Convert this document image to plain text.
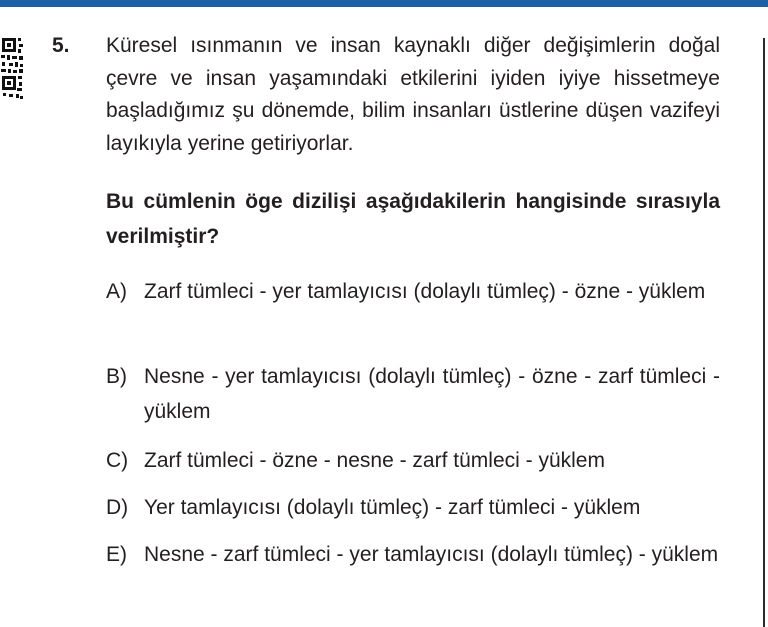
5. Küresel ısınmanın ve insan kaynaklı diğer değişimlerin doğal çevre ve insan yaşamındaki etkilerini iyiden iyiye hissetmeye başladığımız şu dönemde, bilim insanları üstlerine düşen vazifeyi layıkıyla yerine getiriyorlar.
Bu cümlenin öge dizilişi aşağıdakilerin hangisinde sırasıyla verilmiştir?
A) Zarf tümleci - yer tamlayıcısı (dolaylı tümleç) - özne - yüklem
B) Nesne - yer tamlayıcısı (dolaylı tümleç) - özne - zarf tümleci - yüklem
C) Zarf tümleci - özne - nesne - zarf tümleci - yüklem
D) Yer tamlayıcısı (dolaylı tümleç) - zarf tümleci - yüklem
E) Nesne - zarf tümleci - yer tamlayıcısı (dolaylı tümleç) - yüklem
